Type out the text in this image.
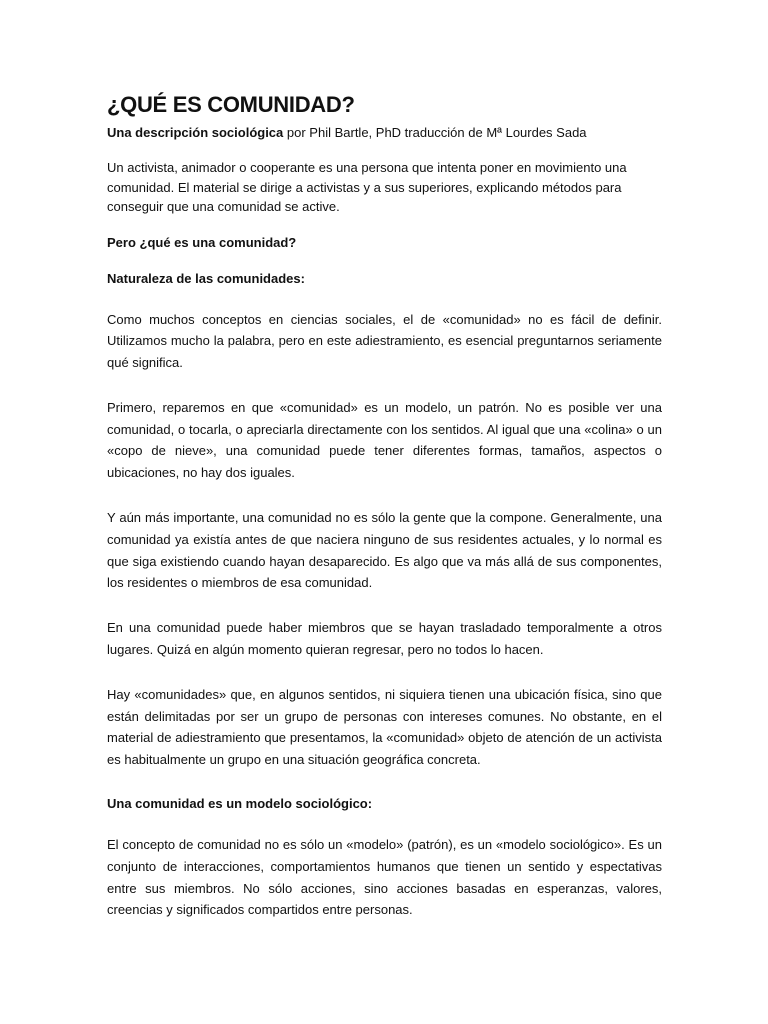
¿QUÉ ES COMUNIDAD?

Una descripción sociológica por Phil Bartle, PhD traducción de Mª Lourdes Sada

Un activista, animador o cooperante es una persona que intenta poner en movimiento una comunidad. El material se dirige a activistas y a sus superiores, explicando métodos para conseguir que una comunidad se active.

Pero ¿qué es una comunidad?

Naturaleza de las comunidades:

Como muchos conceptos en ciencias sociales, el de «comunidad» no es fácil de definir. Utilizamos mucho la palabra, pero en este adiestramiento, es esencial preguntarnos seriamente qué significa.

Primero, reparemos en que «comunidad» es un modelo, un patrón. No es posible ver una comunidad, o tocarla, o apreciarla directamente con los sentidos. Al igual que una «colina» o un «copo de nieve», una comunidad puede tener diferentes formas, tamaños, aspectos o ubicaciones, no hay dos iguales.

Y aún más importante, una comunidad no es sólo la gente que la compone. Generalmente, una comunidad ya existía antes de que naciera ninguno de sus residentes actuales, y lo normal es que siga existiendo cuando hayan desaparecido. Es algo que va más allá de sus componentes, los residentes o miembros de esa comunidad.

En una comunidad puede haber miembros que se hayan trasladado temporalmente a otros lugares. Quizá en algún momento quieran regresar, pero no todos lo hacen.

Hay «comunidades» que, en algunos sentidos, ni siquiera tienen una ubicación física, sino que están delimitadas por ser un grupo de personas con intereses comunes. No obstante, en el material de adiestramiento que presentamos, la «comunidad» objeto de atención de un activista es habitualmente un grupo en una situación geográfica concreta.

Una comunidad es un modelo sociológico:

El concepto de comunidad no es sólo un «modelo» (patrón), es un «modelo sociológico». Es un conjunto de interacciones, comportamientos humanos que tienen un sentido y espectativas entre sus miembros. No sólo acciones, sino acciones basadas en esperanzas, valores, creencias y significados compartidos entre personas.
